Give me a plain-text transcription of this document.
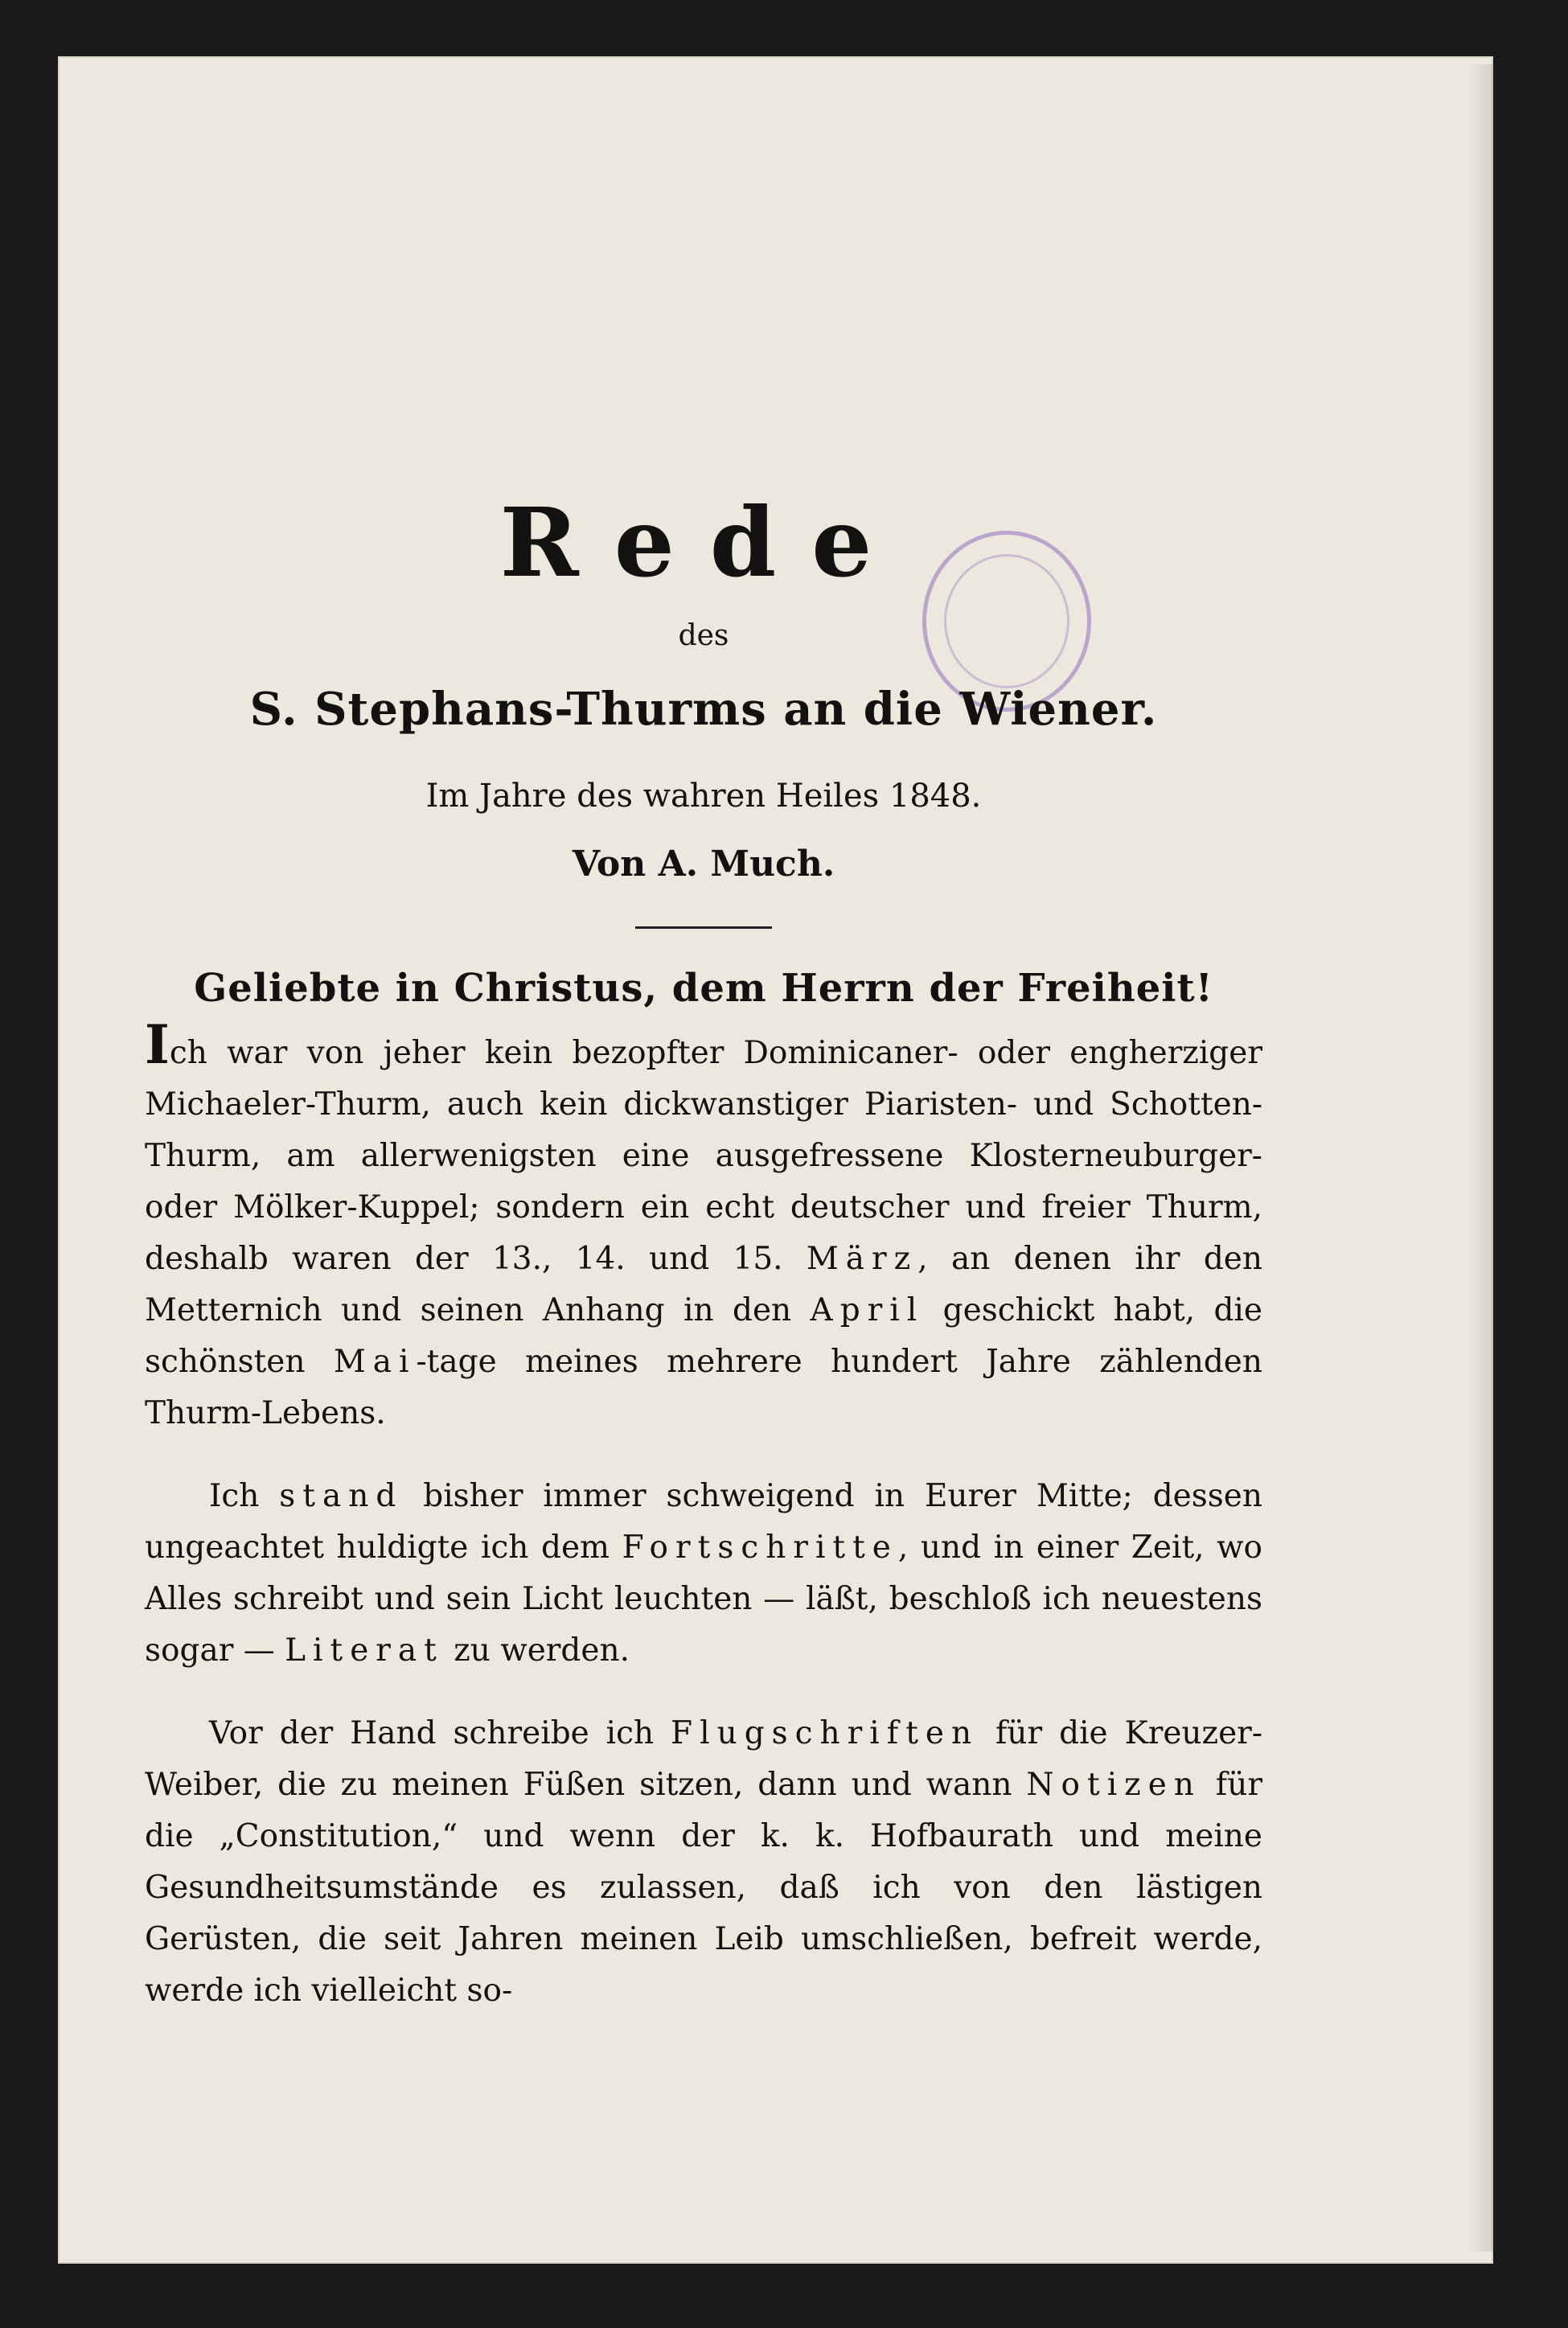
Rede
des
S. Stephans-Thurms an die Wiener.
Im Jahre des wahren Heiles 1848.
Von A. Much.
Geliebte in Christus, dem Herrn der Freiheit!

Ich war von jeher kein bezopfter Dominicaner- oder engherziger Michaeler-Thurm, auch kein dickwanstiger Piaristen- und Schotten-Thurm, am allerwenigsten eine ausgefressene Klosterneuburger- oder Mölker-Kuppel; sondern ein echt deutscher und freier Thurm, deshalb waren der 13., 14. und 15. März, an denen ihr den Metternich und seinen Anhang in den April geschickt habt, die schönsten Mai-tage meines mehrere hundert Jahre zählenden Thurm-Lebens.

Ich stand bisher immer schweigend in Eurer Mitte; dessen ungeachtet huldigte ich dem Fortschritte, und in einer Zeit, wo Alles schreibt und sein Licht leuchten — läßt, beschloß ich neuestens sogar — Literat zu werden.

Vor der Hand schreibe ich Flugschriften für die Kreuzer-Weiber, die zu meinen Füßen sitzen, dann und wann Notizen für die „Constitution,“ und wenn der k. k. Hofbaurath und meine Gesundheitsumstände es zulassen, daß ich von den lästigen Gerüsten, die seit Jahren meinen Leib umschließen, befreit werde, werde ich vielleicht so-
